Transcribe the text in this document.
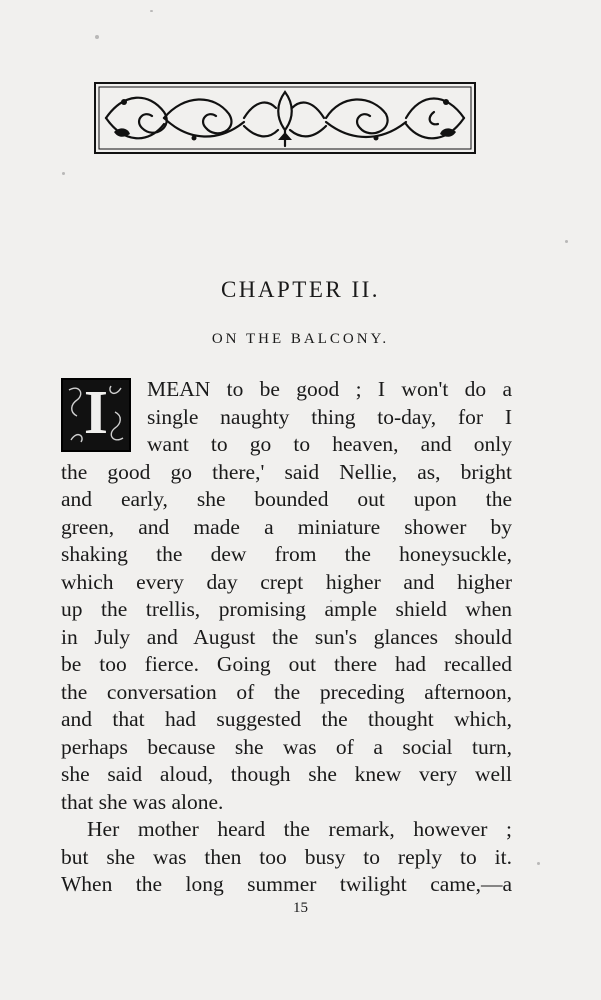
CHAPTER II.
ON THE BALCONY.
I	MEAN to be good ; I won't do a
single naughty thing to-day, for I
want to go to heaven, and only
the good go there,' said Nellie, as, bright
and early, she bounded out upon the
green, and made a miniature shower by
shaking the dew from the honeysuckle,
which every day crept higher and higher
up the trellis, promising ample shield when
in July and August the sun's glances should
be too fierce. Going out there had recalled
the conversation of the preceding afternoon,
and that had suggested the thought which,
perhaps because she was of a social turn,
she said aloud, though she knew very well
that she was alone.
Her mother heard the remark, however ;
but she was then too busy to reply to it.
When the long summer twilight came,—a
15
